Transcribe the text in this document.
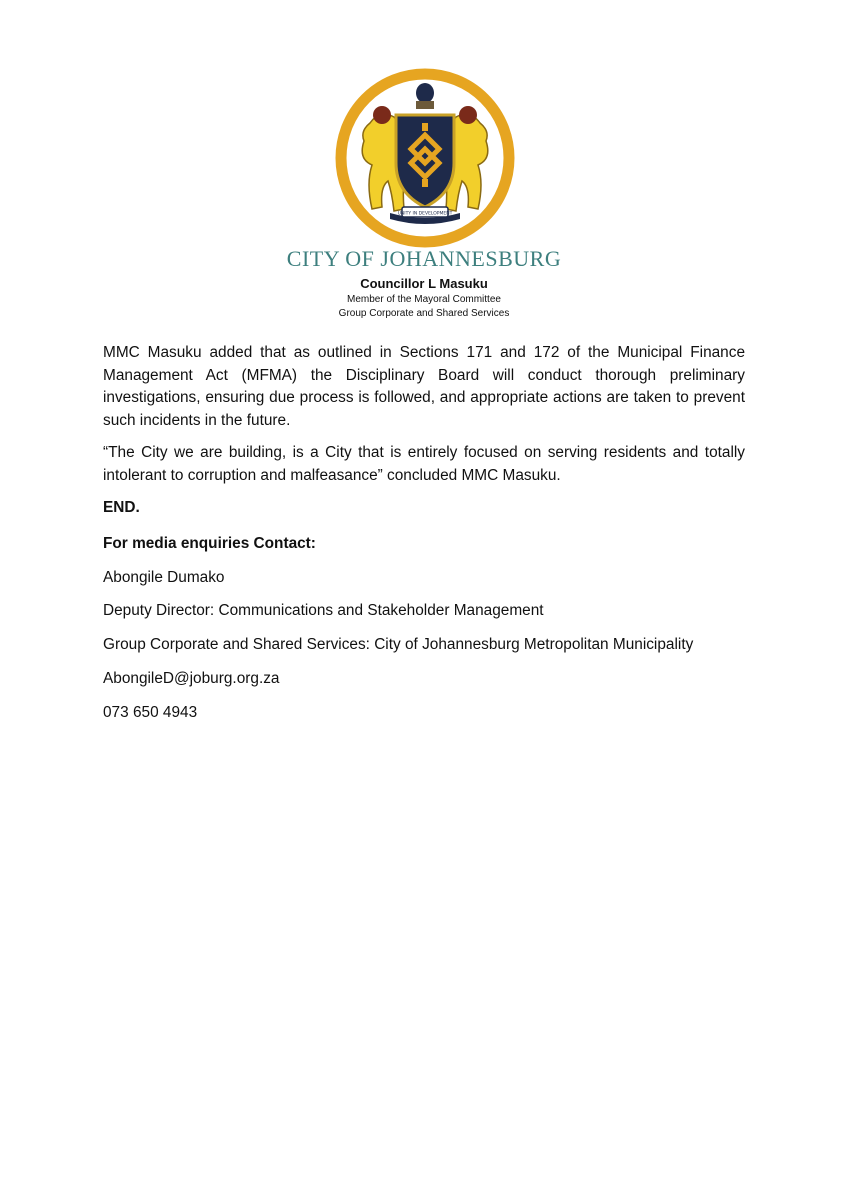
UNITY IN DEVELOPMENT
CITY OF JOHANNESBURG
Councillor L Masuku
Member of the Mayoral Committee
Group Corporate and Shared Services
MMC Masuku added that as outlined in Sections 171 and 172 of the Municipal Finance Management Act (MFMA) the Disciplinary Board will conduct thorough preliminary investigations, ensuring due process is followed, and appropriate actions are taken to prevent such incidents in the future.
“The City we are building, is a City that is entirely focused on serving residents and totally intolerant to corruption and malfeasance” concluded MMC Masuku.
END.
For media enquiries Contact:
Abongile Dumako
Deputy Director: Communications and Stakeholder Management
Group Corporate and Shared Services: City of Johannesburg Metropolitan Municipality
AbongileD@joburg.org.za
073 650 4943
